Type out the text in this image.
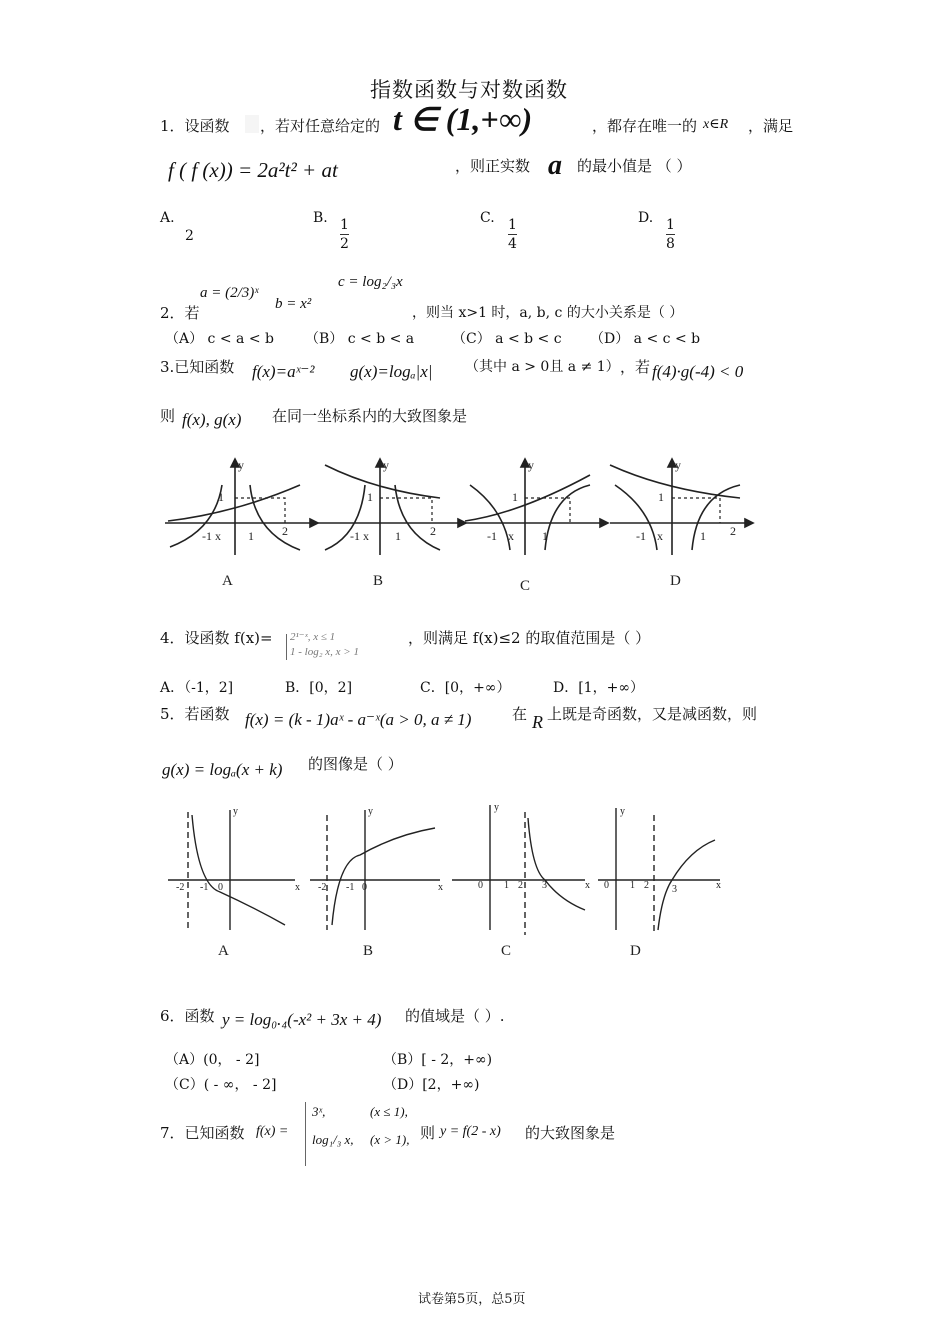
指数函数与对数函数
1．设函数 ，若对任意给定的 t ∈ (1,+∞)	，都存在唯一的 x∈R ，满足
f ( f (x)) = 2a²t² + at	，则正实数 a 的最小值是 （ ）
A.
2
B. 1
2
C. 1
4
D. 1
8
2．若
a = (2/3)ˣ
b = x²
c = log₂/₃x
，则当 x>1 时，a, b, c 的大小关系是（ ）
（A） c < a < b （B） c < b < a	（C） a < b < c （D） a < c < b
3.已知函数 f(x)=aˣ⁻² g(x)=logₐ|x| （其中 a > 0且 a ≠ 1） ，若 f(4)·g(-4) < 0
则 f(x), g(x) 在同一坐标系内的大致图象是
y
1
-1 x 1 2
y
1
-1 x 1 2
y
1
-1 x 1
y
1
-1 x	1 2
A	B	C	D
4．设函数 f(x)= 2¹⁻ˣ, x ≤ 1
1 - log₂ x, x > 1
，则满足 f(x)≤2 的取值范围是（ ）
A．（-1，2]	B．[0，2]	C．[0，+∞）	D．[1，+∞）
5．若函数 f(x) = (k - 1)aˣ - a⁻ˣ(a > 0, a ≠ 1)	在 R 上既是奇函数，又是减函数，则
g(x) = logₐ(x + k) 的图像是（ ）
y
-2 -1 0	x
y
-2 -1 0	x
y
0 1 2 3	x
y
0 1 2 3	x
A	B	C	D
6．函数 y = log₀.₄(-x² + 3x + 4) 的值域是（ ）.
（A）(0， - 2]	（B）[ - 2，+∞)
（C）( - ∞， - 2]	（D）[2，+∞)
7．已知函数 f(x) =
3ˣ,	(x ≤ 1),
log₁/₃ x, (x > 1), 则 y = f(2 - x) 的大致图象是
试卷第5页，总5页
